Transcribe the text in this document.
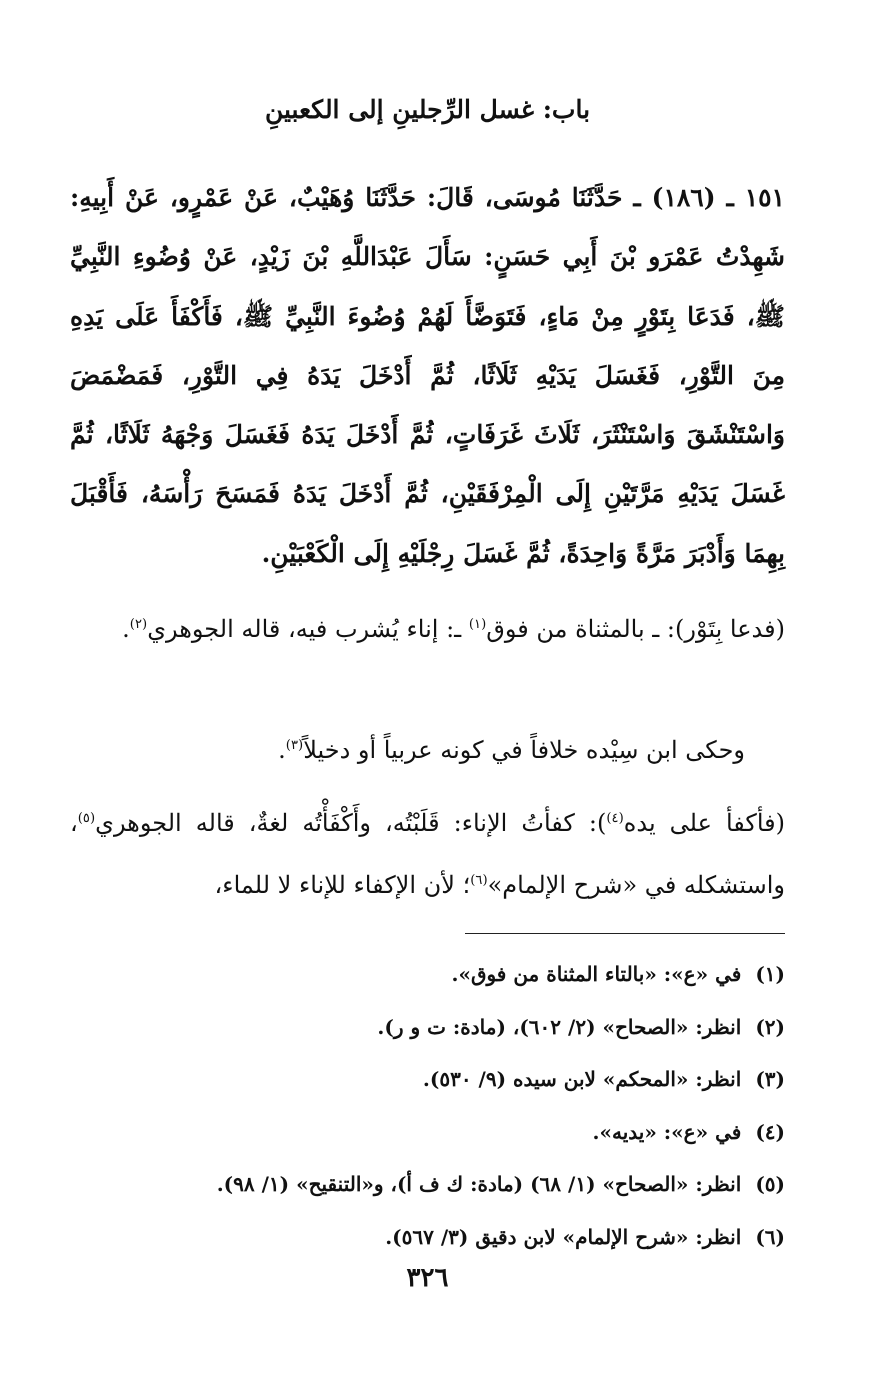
باب: غسل الرِّجلينِ إلى الكعبينِ

١٥١ ـ (١٨٦) ـ حَدَّثَنَا مُوسَى، قَالَ: حَدَّثَنَا وُهَيْبٌ، عَنْ عَمْرٍو، عَنْ أَبِيهِ: شَهِدْتُ عَمْرَو بْنَ أَبِي حَسَنٍ: سَأَلَ عَبْدَاللَّهِ بْنَ زَيْدٍ، عَنْ وُضُوءِ النَّبِيِّ ﷺ، فَدَعَا بِتَوْرٍ مِنْ مَاءٍ، فَتَوَضَّأَ لَهُمْ وُضُوءَ النَّبِيِّ ﷺ، فَأَكْفَأَ عَلَى يَدِهِ مِنَ التَّوْرِ، فَغَسَلَ يَدَيْهِ ثَلَاثًا، ثُمَّ أَدْخَلَ يَدَهُ فِي التَّوْرِ، فَمَضْمَضَ وَاسْتَنْشَقَ وَاسْتَنْثَرَ، ثَلَاثَ غَرَفَاتٍ، ثُمَّ أَدْخَلَ يَدَهُ فَغَسَلَ وَجْهَهُ ثَلَاثًا، ثُمَّ غَسَلَ يَدَيْهِ مَرَّتَيْنِ إِلَى الْمِرْفَقَيْنِ، ثُمَّ أَدْخَلَ يَدَهُ فَمَسَحَ رَأْسَهُ، فَأَقْبَلَ بِهِمَا وَأَدْبَرَ مَرَّةً وَاحِدَةً، ثُمَّ غَسَلَ رِجْلَيْهِ إِلَى الْكَعْبَيْنِ.

(فدعا بِتَوْر): ـ بالمثناة من فوق$^{(١)}$ ـ: إناء يُشرب فيه، قاله الجوهري$^{(٢)}$.

وحكى ابن سِيْده خلافاً في كونه عربياً أو دخيلاً$^{(٣)}$.

(فأكفأ على يده$^{(٤)}$): كفأتُ الإناء: قَلَبْتُه، وأَكْفَأْتُه لغةٌ، قاله الجوهري$^{(٥)}$، واستشكله في «شرح الإلمام»$^{(٦)}$؛ لأن الإكفاء للإناء لا للماء،

(١)في «ع»: «بالتاء المثناة من فوق».
(٢)انظر: «الصحاح» (٢/ ٦٠٢)، (مادة: ت و ر).
(٣)انظر: «المحكم» لابن سيده (٩/ ٥٣٠).
(٤)في «ع»: «يديه».
(٥)انظر: «الصحاح» (١/ ٦٨) (مادة: ك ف أ)، و«التنقيح» (١/ ٩٨).
(٦)انظر: «شرح الإلمام» لابن دقيق (٣/ ٥٦٧).
٣٢٦
